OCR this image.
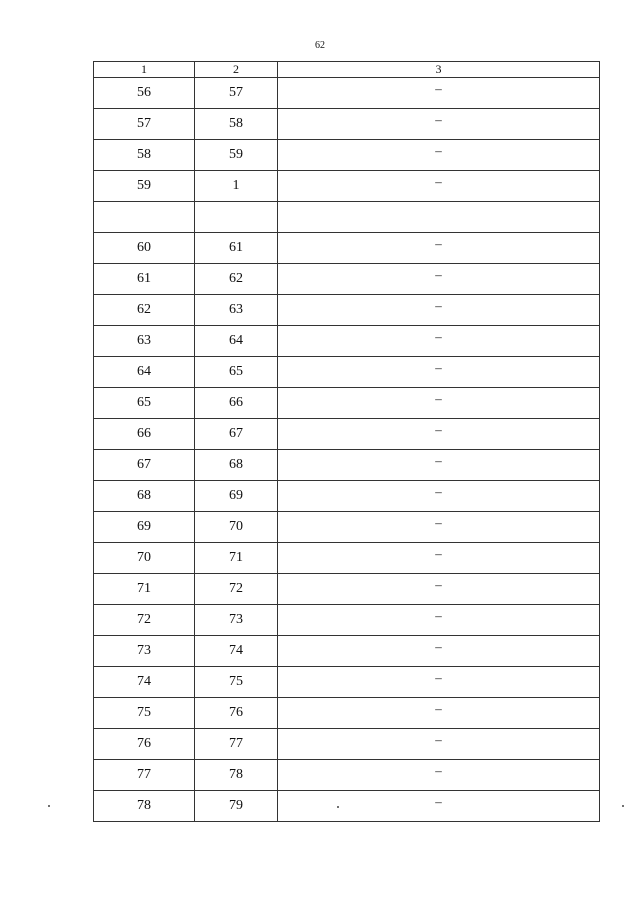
62
1	2	3
56	57	–
57	58	–
58	59	–
59	1	–

60	61	–
61	62	–
62	63	–
63	64	–
64	65	–
65	66	–
66	67	–
67	68	–
68	69	–
69	70	–
70	71	–
71	72	–
72	73	–
73	74	–
74	75	–
75	76	–
76	77	–
77	78	–
78	79	–
